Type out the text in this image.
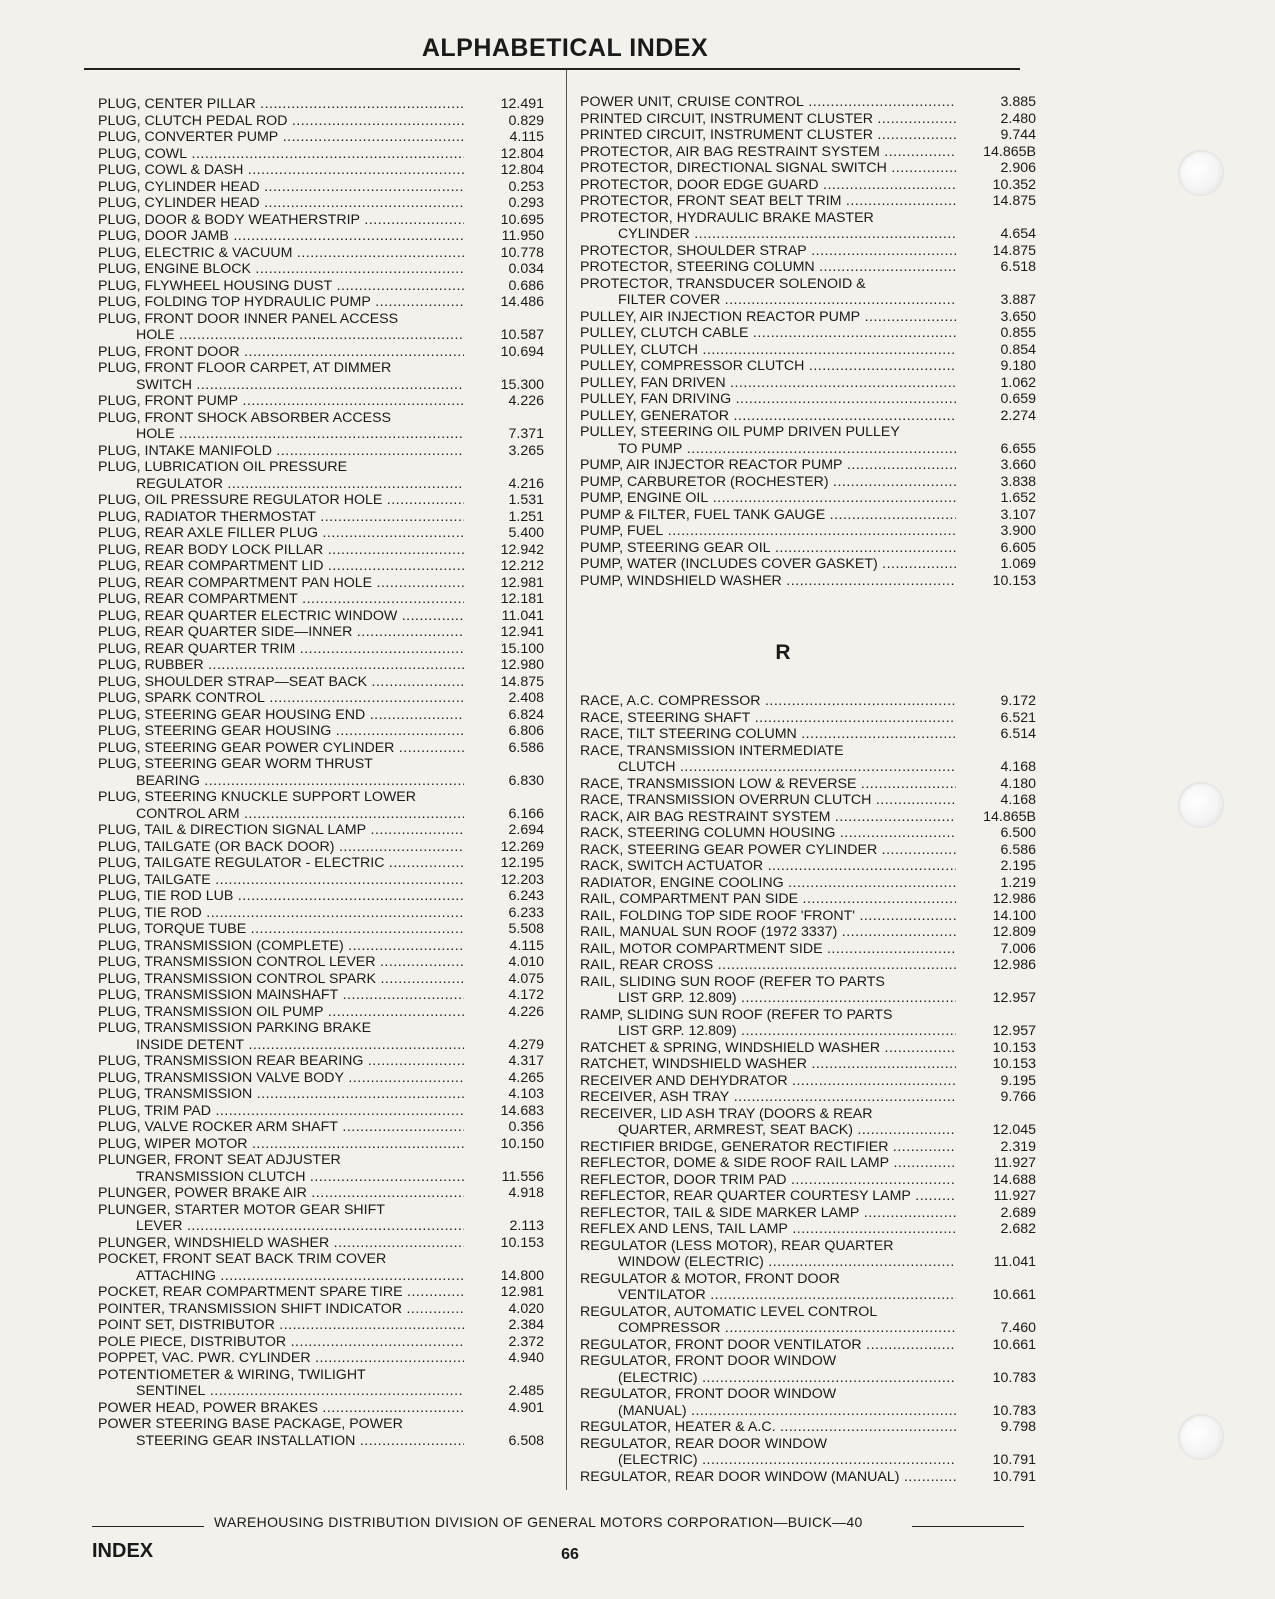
ALPHABETICAL INDEX
PLUG, CENTER PILLAR .....	12.491
PLUG, CLUTCH PEDAL ROD .....	0.829
PLUG, CONVERTER PUMP .....	4.115
PLUG, COWL .....	12.804
PLUG, COWL & DASH .....	12.804
PLUG, CYLINDER HEAD .....	0.253
PLUG, CYLINDER HEAD .....	0.293
PLUG, DOOR & BODY WEATHERSTRIP .....	10.695
PLUG, DOOR JAMB .....	11.950
PLUG, ELECTRIC & VACUUM .....	10.778
PLUG, ENGINE BLOCK .....	0.034
PLUG, FLYWHEEL HOUSING DUST .....	0.686
PLUG, FOLDING TOP HYDRAULIC PUMP .....	14.486
PLUG, FRONT DOOR INNER PANEL ACCESS
HOLE .....	10.587
PLUG, FRONT DOOR .....	10.694
PLUG, FRONT FLOOR CARPET, AT DIMMER
SWITCH .....	15.300
PLUG, FRONT PUMP .....	4.226
PLUG, FRONT SHOCK ABSORBER ACCESS
HOLE .....	7.371
PLUG, INTAKE MANIFOLD .....	3.265
PLUG, LUBRICATION OIL PRESSURE
REGULATOR .....	4.216
PLUG, OIL PRESSURE REGULATOR HOLE .....	1.531
PLUG, RADIATOR THERMOSTAT .....	1.251
PLUG, REAR AXLE FILLER PLUG .....	5.400
PLUG, REAR BODY LOCK PILLAR .....	12.942
PLUG, REAR COMPARTMENT LID .....	12.212
PLUG, REAR COMPARTMENT PAN HOLE .....	12.981
PLUG, REAR COMPARTMENT .....	12.181
PLUG, REAR QUARTER ELECTRIC WINDOW .....	11.041
PLUG, REAR QUARTER SIDE—INNER .....	12.941
PLUG, REAR QUARTER TRIM .....	15.100
PLUG, RUBBER .....	12.980
PLUG, SHOULDER STRAP—SEAT BACK .....	14.875
PLUG, SPARK CONTROL .....	2.408
PLUG, STEERING GEAR HOUSING END .....	6.824
PLUG, STEERING GEAR HOUSING .....	6.806
PLUG, STEERING GEAR POWER CYLINDER .....	6.586
PLUG, STEERING GEAR WORM THRUST
BEARING .....	6.830
PLUG, STEERING KNUCKLE SUPPORT LOWER
CONTROL ARM .....	6.166
PLUG, TAIL & DIRECTION SIGNAL LAMP .....	2.694
PLUG, TAILGATE (OR BACK DOOR) .....	12.269
PLUG, TAILGATE REGULATOR - ELECTRIC .....	12.195
PLUG, TAILGATE .....	12.203
PLUG, TIE ROD LUB .....	6.243
PLUG, TIE ROD .....	6.233
PLUG, TORQUE TUBE .....	5.508
PLUG, TRANSMISSION (COMPLETE) .....	4.115
PLUG, TRANSMISSION CONTROL LEVER .....	4.010
PLUG, TRANSMISSION CONTROL SPARK .....	4.075
PLUG, TRANSMISSION MAINSHAFT .....	4.172
PLUG, TRANSMISSION OIL PUMP .....	4.226
PLUG, TRANSMISSION PARKING BRAKE
INSIDE DETENT .....	4.279
PLUG, TRANSMISSION REAR BEARING .....	4.317
PLUG, TRANSMISSION VALVE BODY .....	4.265
PLUG, TRANSMISSION .....	4.103
PLUG, TRIM PAD .....	14.683
PLUG, VALVE ROCKER ARM SHAFT .....	0.356
PLUG, WIPER MOTOR .....	10.150
PLUNGER, FRONT SEAT ADJUSTER
TRANSMISSION CLUTCH .....	11.556
PLUNGER, POWER BRAKE AIR .....	4.918
PLUNGER, STARTER MOTOR GEAR SHIFT
LEVER .....	2.113
PLUNGER, WINDSHIELD WASHER .....	10.153
POCKET, FRONT SEAT BACK TRIM COVER
ATTACHING .....	14.800
POCKET, REAR COMPARTMENT SPARE TIRE .....	12.981
POINTER, TRANSMISSION SHIFT INDICATOR .....	4.020
POINT SET, DISTRIBUTOR .....	2.384
POLE PIECE, DISTRIBUTOR .....	2.372
POPPET, VAC. PWR. CYLINDER .....	4.940
POTENTIOMETER & WIRING, TWILIGHT
SENTINEL .....	2.485
POWER HEAD, POWER BRAKES .....	4.901
POWER STEERING BASE PACKAGE, POWER
STEERING GEAR INSTALLATION .....	6.508
POWER UNIT, CRUISE CONTROL .....	3.885
PRINTED CIRCUIT, INSTRUMENT CLUSTER .....	2.480
PRINTED CIRCUIT, INSTRUMENT CLUSTER .....	9.744
PROTECTOR, AIR BAG RESTRAINT SYSTEM .....	14.865B
PROTECTOR, DIRECTIONAL SIGNAL SWITCH .....	2.906
PROTECTOR, DOOR EDGE GUARD .....	10.352
PROTECTOR, FRONT SEAT BELT TRIM .....	14.875
PROTECTOR, HYDRAULIC BRAKE MASTER
CYLINDER .....	4.654
PROTECTOR, SHOULDER STRAP .....	14.875
PROTECTOR, STEERING COLUMN .....	6.518
PROTECTOR, TRANSDUCER SOLENOID &
FILTER COVER .....	3.887
PULLEY, AIR INJECTION REACTOR PUMP .....	3.650
PULLEY, CLUTCH CABLE .....	0.855
PULLEY, CLUTCH .....	0.854
PULLEY, COMPRESSOR CLUTCH .....	9.180
PULLEY, FAN DRIVEN .....	1.062
PULLEY, FAN DRIVING .....	0.659
PULLEY, GENERATOR .....	2.274
PULLEY, STEERING OIL PUMP DRIVEN PULLEY
TO PUMP .....	6.655
PUMP, AIR INJECTOR REACTOR PUMP .....	3.660
PUMP, CARBURETOR (ROCHESTER) .....	3.838
PUMP, ENGINE OIL .....	1.652
PUMP & FILTER, FUEL TANK GAUGE .....	3.107
PUMP, FUEL .....	3.900
PUMP, STEERING GEAR OIL .....	6.605
PUMP, WATER (INCLUDES COVER GASKET) .....	1.069
PUMP, WINDSHIELD WASHER .....	10.153
R
RACE, A.C. COMPRESSOR .....	9.172
RACE, STEERING SHAFT .....	6.521
RACE, TILT STEERING COLUMN .....	6.514
RACE, TRANSMISSION INTERMEDIATE
CLUTCH .....	4.168
RACE, TRANSMISSION LOW & REVERSE .....	4.180
RACE, TRANSMISSION OVERRUN CLUTCH .....	4.168
RACK, AIR BAG RESTRAINT SYSTEM .....	14.865B
RACK, STEERING COLUMN HOUSING .....	6.500
RACK, STEERING GEAR POWER CYLINDER .....	6.586
RACK, SWITCH ACTUATOR .....	2.195
RADIATOR, ENGINE COOLING .....	1.219
RAIL, COMPARTMENT PAN SIDE .....	12.986
RAIL, FOLDING TOP SIDE ROOF 'FRONT' .....	14.100
RAIL, MANUAL SUN ROOF (1972 3337) .....	12.809
RAIL, MOTOR COMPARTMENT SIDE .....	7.006
RAIL, REAR CROSS .....	12.986
RAIL, SLIDING SUN ROOF (REFER TO PARTS
LIST GRP. 12.809) .....	12.957
RAMP, SLIDING SUN ROOF (REFER TO PARTS
LIST GRP. 12.809) .....	12.957
RATCHET & SPRING, WINDSHIELD WASHER .....	10.153
RATCHET, WINDSHIELD WASHER .....	10.153
RECEIVER AND DEHYDRATOR .....	9.195
RECEIVER, ASH TRAY .....	9.766
RECEIVER, LID ASH TRAY (DOORS & REAR
QUARTER, ARMREST, SEAT BACK) .....	12.045
RECTIFIER BRIDGE, GENERATOR RECTIFIER .....	2.319
REFLECTOR, DOME & SIDE ROOF RAIL LAMP .....	11.927
REFLECTOR, DOOR TRIM PAD .....	14.688
REFLECTOR, REAR QUARTER COURTESY LAMP .....	11.927
REFLECTOR, TAIL & SIDE MARKER LAMP .....	2.689
REFLEX AND LENS, TAIL LAMP .....	2.682
REGULATOR (LESS MOTOR), REAR QUARTER
WINDOW (ELECTRIC) .....	11.041
REGULATOR & MOTOR, FRONT DOOR
VENTILATOR .....	10.661
REGULATOR, AUTOMATIC LEVEL CONTROL
COMPRESSOR .....	7.460
REGULATOR, FRONT DOOR VENTILATOR .....	10.661
REGULATOR, FRONT DOOR WINDOW
(ELECTRIC) .....	10.783
REGULATOR, FRONT DOOR WINDOW
(MANUAL) .....	10.783
REGULATOR, HEATER & A.C. .....	9.798
REGULATOR, REAR DOOR WINDOW
(ELECTRIC) .....	10.791
REGULATOR, REAR DOOR WINDOW (MANUAL) .....	10.791
WAREHOUSING DISTRIBUTION DIVISION OF GENERAL MOTORS CORPORATION—BUICK—40
INDEX	66
